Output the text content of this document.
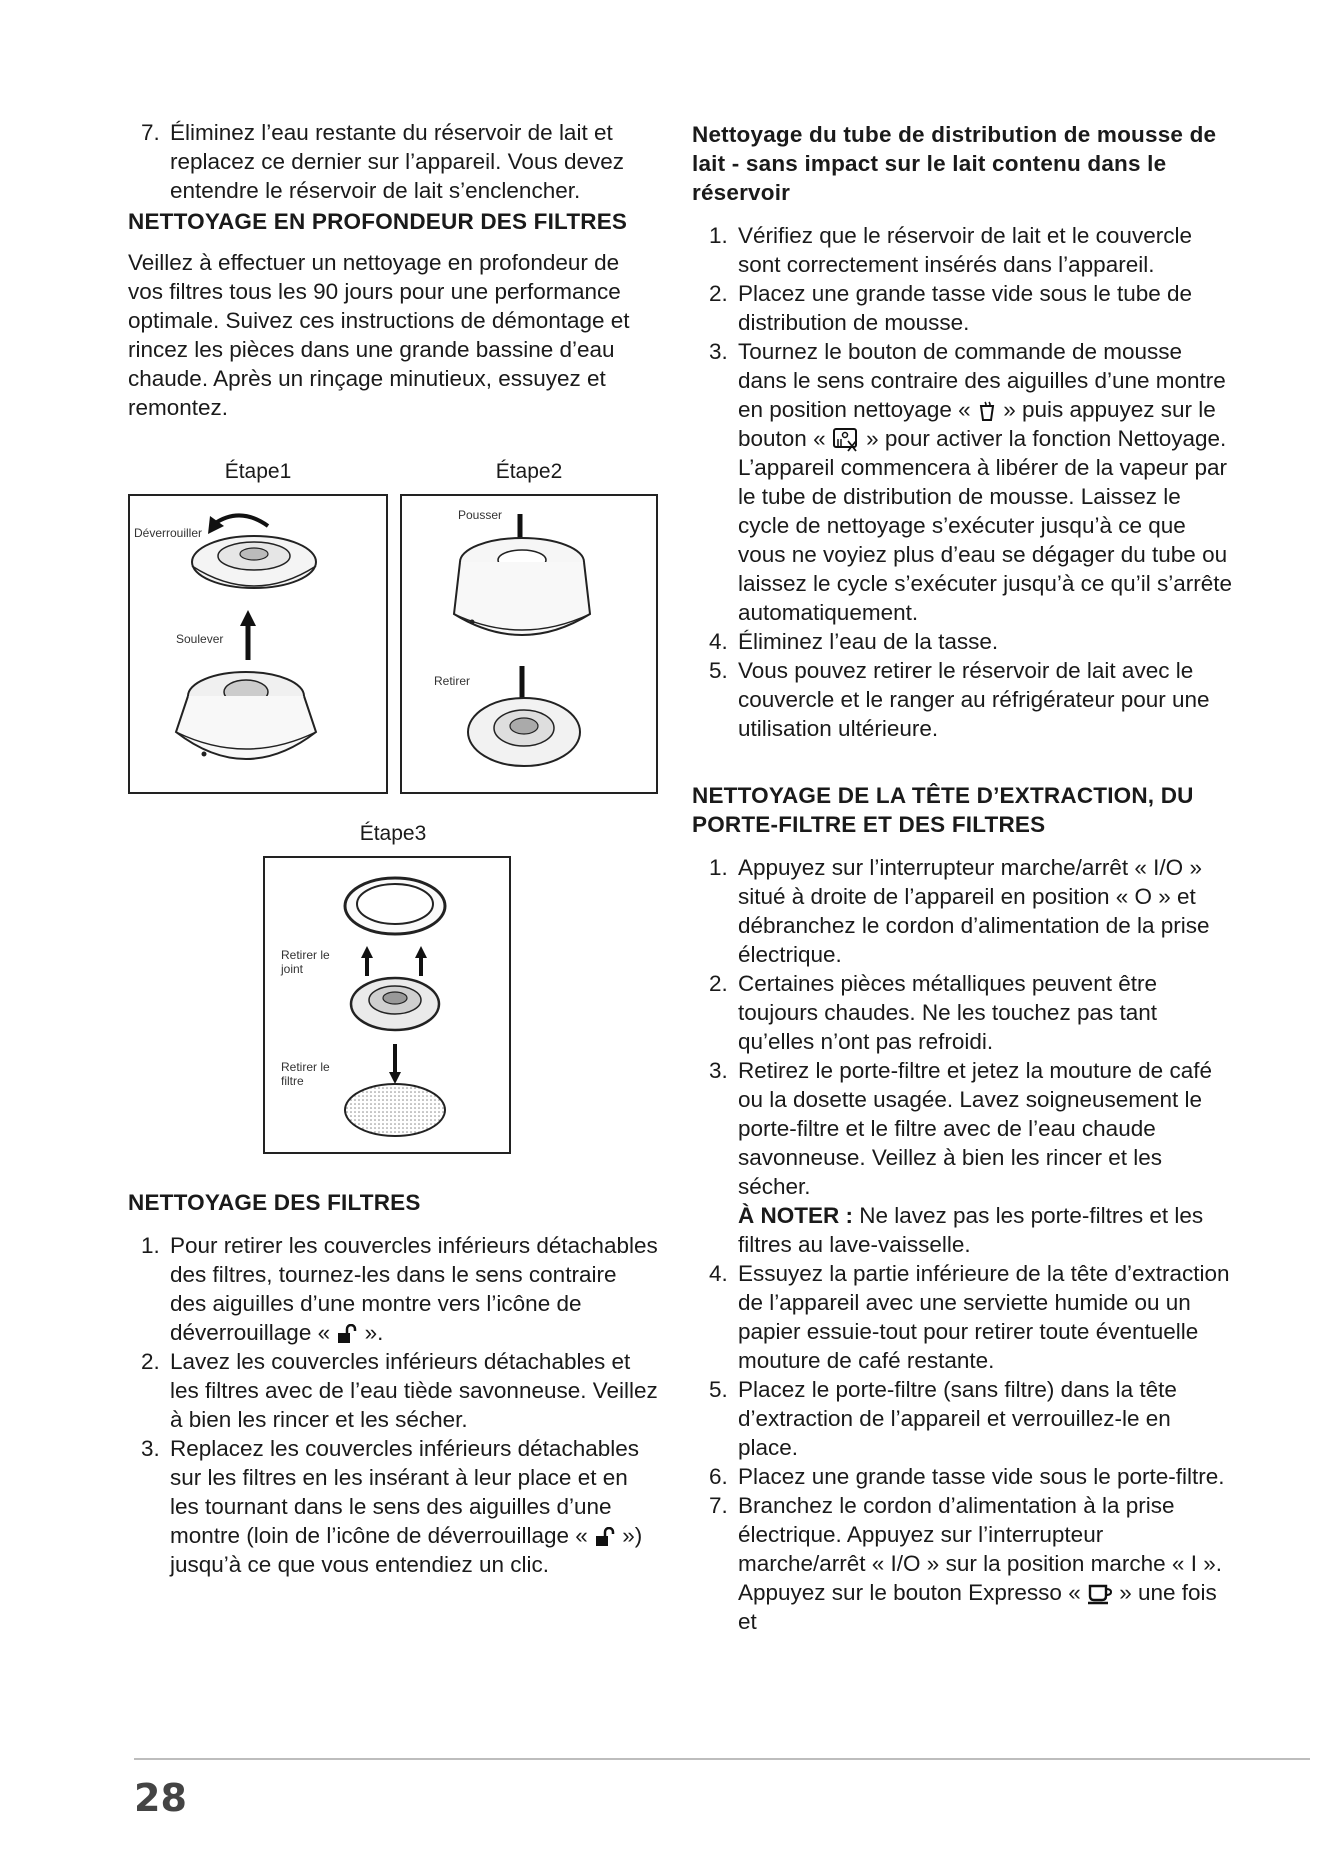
7. Éliminez l’eau restante du réservoir de lait et replacez ce dernier sur l’appareil. Vous devez entendre le réservoir de lait s’enclencher.
NETTOYAGE EN PROFONDEUR DES FILTRES

Veillez à effectuer un nettoyage en profondeur de vos filtres tous les 90 jours pour une performance optimale. Suivez ces instructions de démontage et rincez les pièces dans une grande bassine d’eau chaude. Après un rinçage minutieux, essuyez et remontez.

Étape1
Déverrouiller
Soulever
Étape2
Pousser
Retirer
Étape3
Retirer le
joint
Retirer le
filtre
NETTOYAGE DES FILTRES
1. Pour retirer les couvercles inférieurs détachables des filtres, tournez-les dans le sens contraire des aiguilles d’une montre vers l’icône de déverrouillage «  ».
2. Lavez les couvercles inférieurs détachables et les filtres avec de l’eau tiède savonneuse. Veillez à bien les rincer et les sécher.
3. Replacez les couvercles inférieurs détachables sur les filtres en les insérant à leur place et en les tournant dans le sens des aiguilles d’une montre (loin de l’icône de déverrouillage «  ») jusqu’à ce que vous entendiez un clic.
Nettoyage du tube de distribution de mousse de lait - sans impact sur le lait contenu dans le réservoir
1. Vérifiez que le réservoir de lait et le couvercle sont correctement insérés dans l’appareil.
2. Placez une grande tasse vide sous le tube de distribution de mousse.
3. Tournez le bouton de commande de mousse dans le sens contraire des aiguilles d’une montre en position nettoyage «  » puis appuyez sur le bouton «  » pour activer la fonction Nettoyage. L’appareil commencera à libérer de la vapeur par le tube de distribution de mousse. Laissez le cycle de nettoyage s’exécuter jusqu’à ce que vous ne voyiez plus d’eau se dégager du tube ou laissez le cycle s’exécuter jusqu’à ce qu’il s’arrête automatiquement.
4. Éliminez l’eau de la tasse.
5. Vous pouvez retirer le réservoir de lait avec le couvercle et le ranger au réfrigérateur pour une utilisation ultérieure.
NETTOYAGE DE LA TÊTE D’EXTRACTION, DU PORTE-FILTRE ET DES FILTRES
1. Appuyez sur l’interrupteur marche/arrêt « I/O » situé à droite de l’appareil en position « O » et débranchez le cordon d’alimentation de la prise électrique.
2. Certaines pièces métalliques peuvent être toujours chaudes. Ne les touchez pas tant qu’elles n’ont pas refroidi.
3. Retirez le porte-filtre et jetez la mouture de café ou la dosette usagée. Lavez soigneusement le porte-filtre et le filtre avec de l’eau chaude savonneuse. Veillez à bien les rincer et les sécher.
À NOTER : Ne lavez pas les porte-filtres et les filtres au lave-vaisselle.
4. Essuyez la partie inférieure de la tête d’extraction de l’appareil avec une serviette humide ou un papier essuie-tout pour retirer toute éventuelle mouture de café restante.
5. Placez le porte-filtre (sans filtre) dans la tête d’extraction de l’appareil et verrouillez-le en place.
6. Placez une grande tasse vide sous le porte-filtre.
7. Branchez le cordon d’alimentation à la prise électrique. Appuyez sur l’interrupteur marche/arrêt « I/O » sur la position marche « I ». Appuyez sur le bouton Expresso «  » une fois et
28
